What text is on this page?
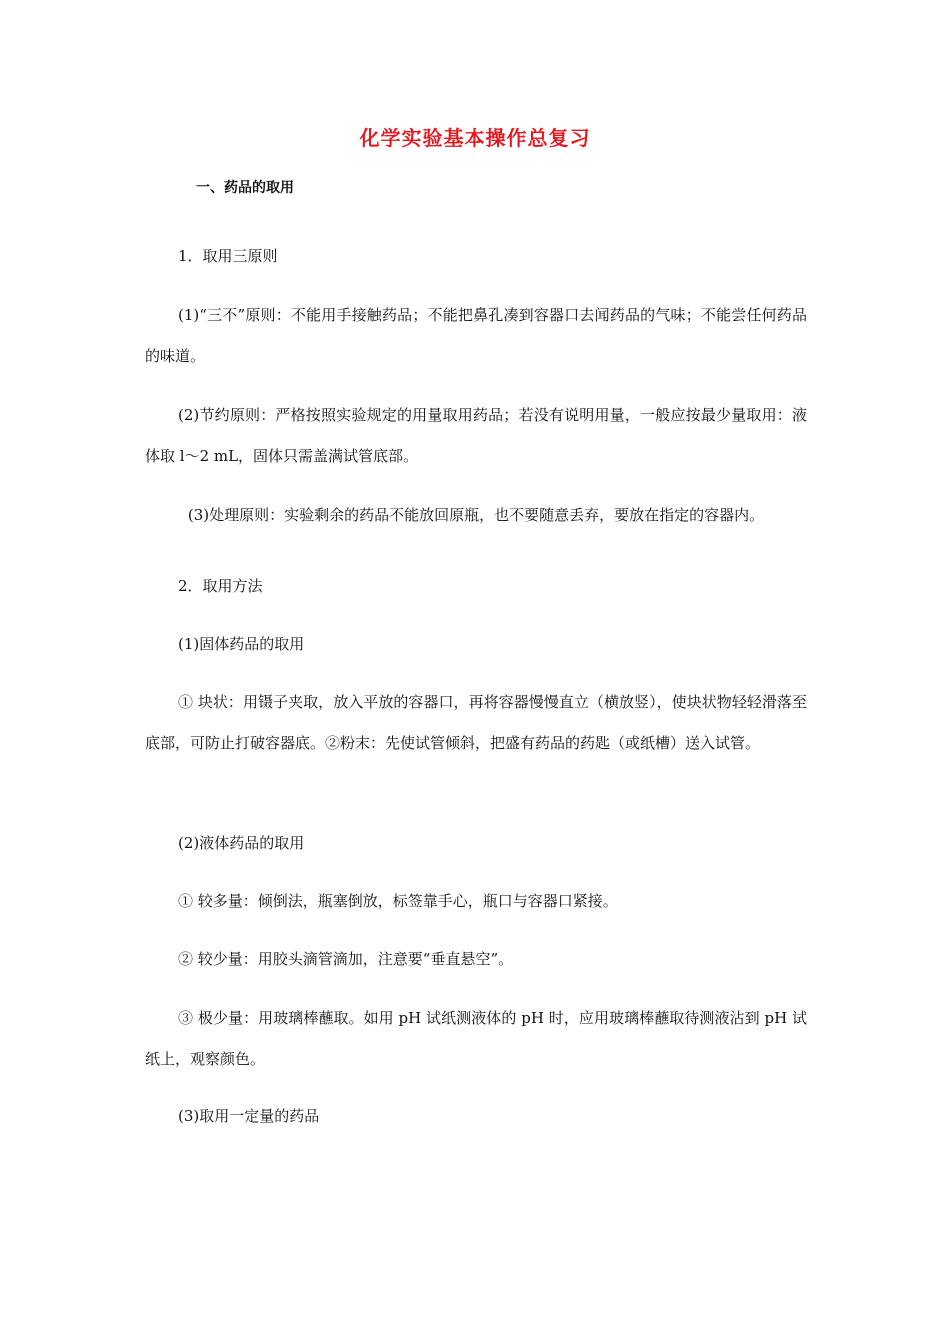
化学实验基本操作总复习
一、药品的取用

1．取用三原则

(1)“三不”原则：不能用手接触药品；不能把鼻孔凑到容器口去闻药品的气味；不能尝任何药品的味道。

(2)节约原则：严格按照实验规定的用量取用药品；若没有说明用量，一般应按最少量取用：液体取 l～2 mL，固体只需盖满试管底部。

(3)处理原则：实验剩余的药品不能放回原瓶，也不要随意丢弃，要放在指定的容器内。

2．取用方法

(1)固体药品的取用

① 块状：用镊子夹取，放入平放的容器口，再将容器慢慢直立（横放竖），使块状物轻轻滑落至底部，可防止打破容器底。②粉末：先使试管倾斜，把盛有药品的药匙（或纸槽）送入试管。

(2)液体药品的取用

① 较多量：倾倒法，瓶塞倒放，标签靠手心，瓶口与容器口紧接。

② 较少量：用胶头滴管滴加，注意要“垂直悬空”。

③ 极少量：用玻璃棒蘸取。如用 pH 试纸测液体的 pH 时，应用玻璃棒蘸取待测液沾到 pH 试纸上，观察颜色。

(3)取用一定量的药品
